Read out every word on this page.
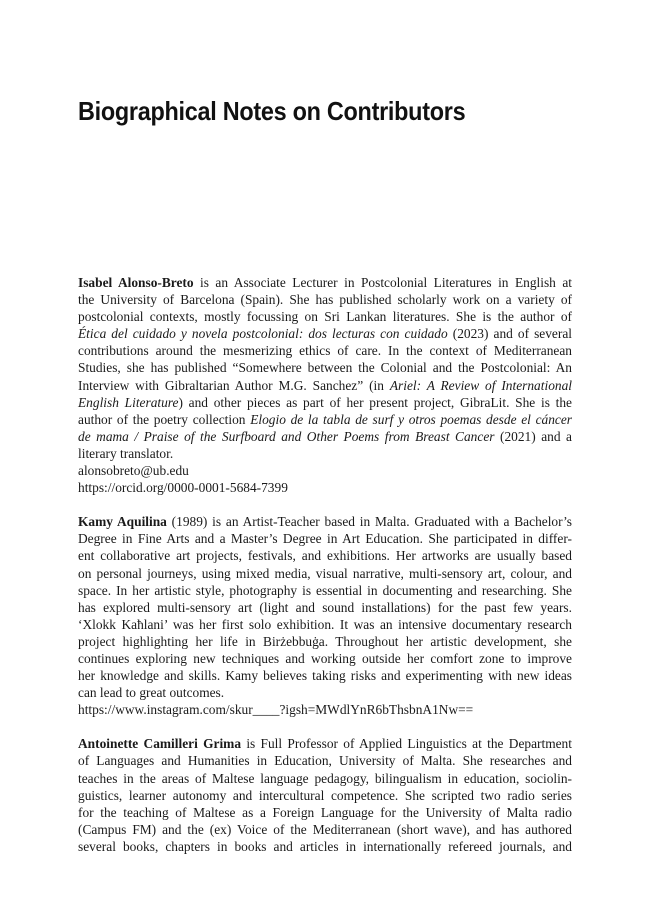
Biographical Notes on Contributors
Isabel Alonso-Breto is an Associate Lecturer in Postcolonial Literatures in English at
the University of Barcelona (Spain). She has published scholarly work on a variety of
postcolonial contexts, mostly focussing on Sri Lankan literatures. She is the author of
Ética del cuidado y novela postcolonial: dos lecturas con cuidado (2023) and of several
contributions around the mesmerizing ethics of care. In the context of Mediterranean
Studies, she has published “Somewhere between the Colonial and the Postcolonial: An
Interview with Gibraltarian Author M.G. Sanchez” (in Ariel: A Review of International
English Literature) and other pieces as part of her present project, GibraLit. She is the
author of the poetry collection Elogio de la tabla de surf y otros poemas desde el cáncer
de mama / Praise of the Surfboard and Other Poems from Breast Cancer (2021) and a
literary translator.
alonsobreto@ub.edu
https://orcid.org/0000-0001-5684-7399
Kamy Aquilina (1989) is an Artist-Teacher based in Malta. Graduated with a Bachelor’s
Degree in Fine Arts and a Master’s Degree in Art Education. She participated in differ-
ent collaborative art projects, festivals, and exhibitions. Her artworks are usually based
on personal journeys, using mixed media, visual narrative, multi-sensory art, colour, and
space. In her artistic style, photography is essential in documenting and researching. She
has explored multi-sensory art (light and sound installations) for the past few years.
‘Xlokk Kaħlani’ was her first solo exhibition. It was an intensive documentary research
project highlighting her life in Birżebbuġa. Throughout her artistic development, she
continues exploring new techniques and working outside her comfort zone to improve
her knowledge and skills. Kamy believes taking risks and experimenting with new ideas
can lead to great outcomes.
https://www.instagram.com/skur____?igsh=MWdlYnR6bThsbnA1Nw==
Antoinette Camilleri Grima is Full Professor of Applied Linguistics at the Department
of Languages and Humanities in Education, University of Malta. She researches and
teaches in the areas of Maltese language pedagogy, bilingualism in education, sociolin-
guistics, learner autonomy and intercultural competence. She scripted two radio series
for the teaching of Maltese as a Foreign Language for the University of Malta radio
(Campus FM) and the (ex) Voice of the Mediterranean (short wave), and has authored
several books, chapters in books and articles in internationally refereed journals, and
